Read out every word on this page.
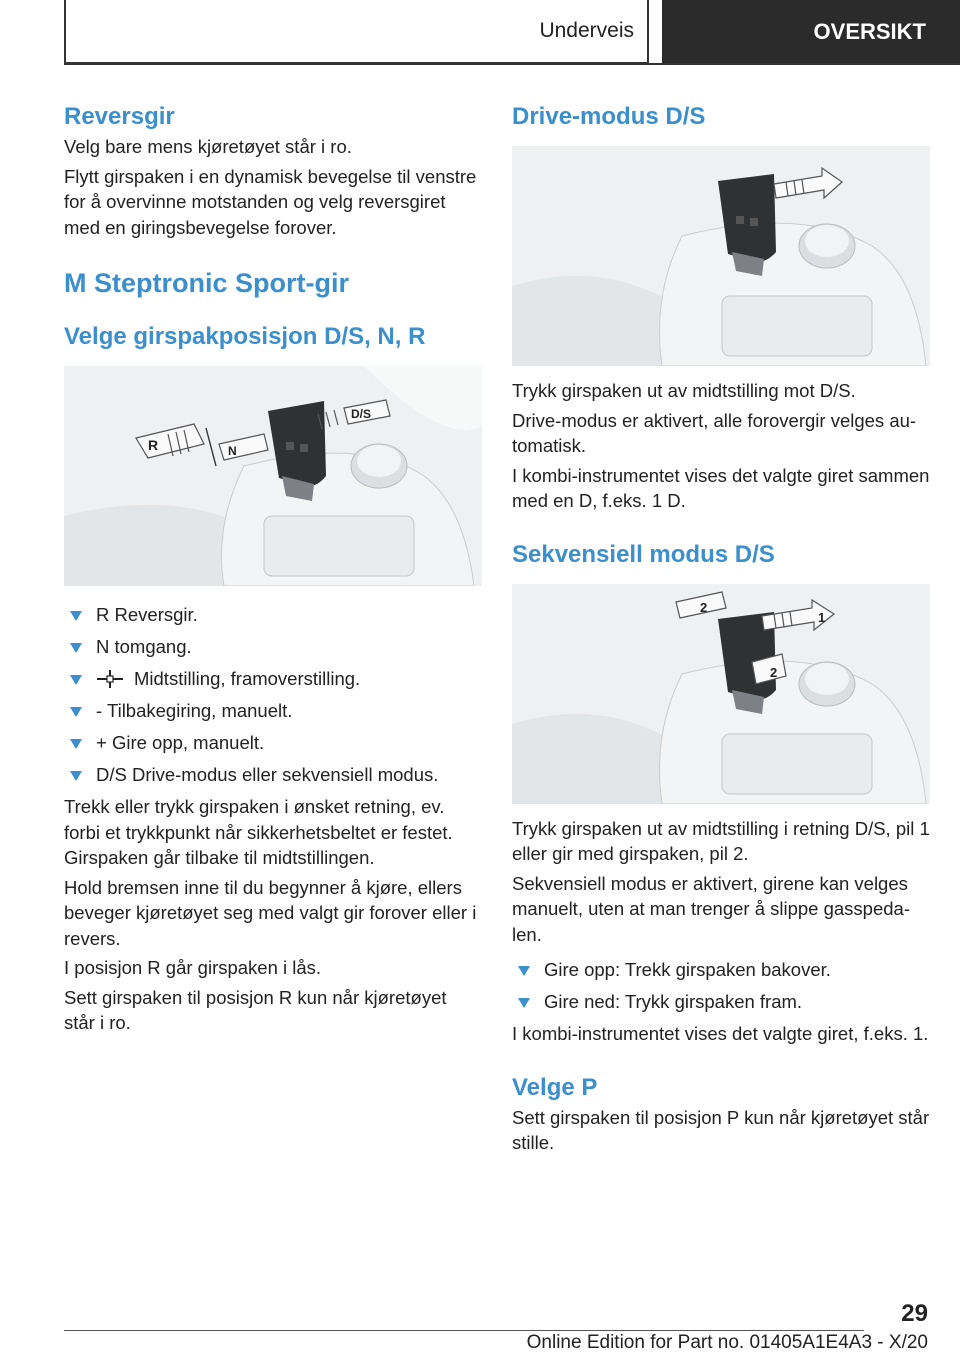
Underveis	OVERSIKT
Reversgir

Velg bare mens kjøretøyet står i ro.

Flytt girspaken i en dynamisk bevegelse til venstre for å overvinne motstanden og velg reversgiret med en giringsbevegelse forover.

M Steptronic Sport-gir
Velge girspakposisjon D/S, N, R
R	N
D/S
R Reversgir.
N tomgang.
Midtstilling, framoverstilling.
- Tilbakegiring, manuelt.
+ Gire opp, manuelt.
D/S Drive-modus eller sekvensiell modus.

Trekk eller trykk girspaken i ønsket retning, ev. forbi et trykkpunkt når sikkerhetsbeltet er festet. Girspaken går tilbake til midtstillingen.

Hold bremsen inne til du begynner å kjøre, ellers beveger kjøretøyet seg med valgt gir forover eller i revers.

I posisjon R går girspaken i lås.

Sett girspaken til posisjon R kun når kjøretøyet står i ro.

Drive-modus D/S

Trykk girspaken ut av midtstilling mot D/S.

Drive-modus er aktivert, alle forovergir velges automatisk.

I kombi-instrumentet vises det valgte giret sammen med en D, f.eks. 1 D.

Sekvensiell modus D/S
2
1
2

Trykk girspaken ut av midtstilling i retning D/S, pil 1 eller gir med girspaken, pil 2.

Sekvensiell modus er aktivert, girene kan velges manuelt, uten at man trenger å slippe gasspedalen.

Gire opp: Trekk girspaken bakover.
Gire ned: Trykk girspaken fram.

I kombi-instrumentet vises det valgte giret, f.eks. 1.

Velge P

Sett girspaken til posisjon P kun når kjøretøyet står stille.

29
Online Edition for Part no. 01405A1E4A3 - X/20
